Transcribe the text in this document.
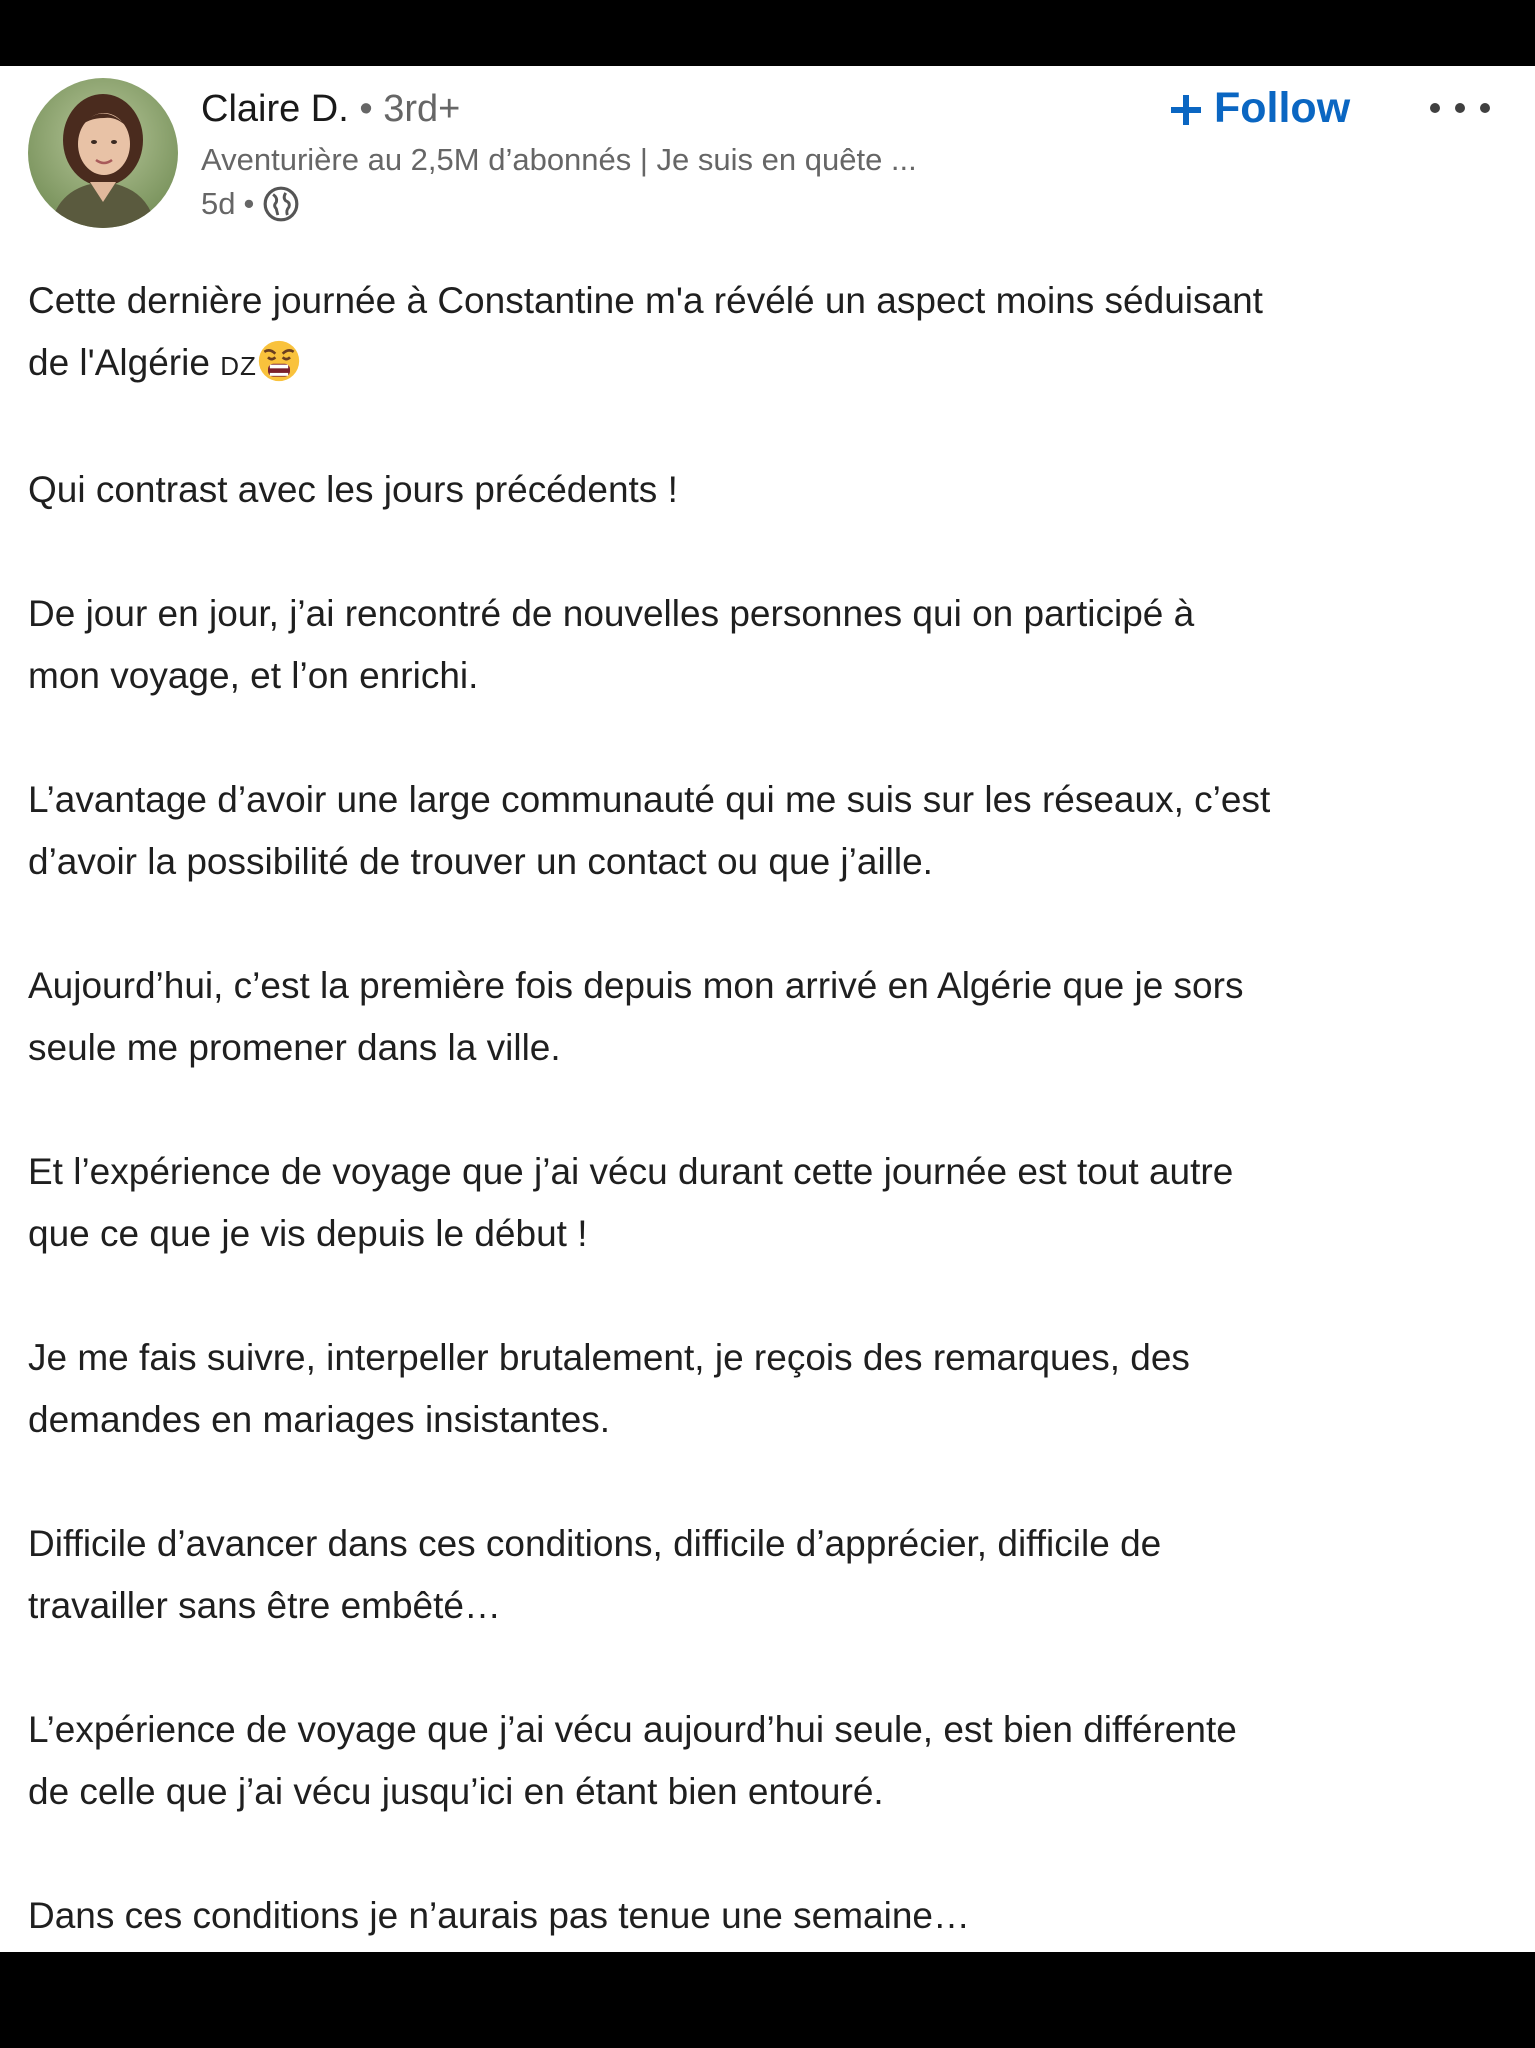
Claire D. • 3rd+
Aventurière au 2,5M d’abonnés | Je suis en quête ...
5d •
Follow

Cette dernière journée à Constantine m'a révélé un aspect moins séduisant
de l'Algérie DZ

Qui contrast avec les jours précédents !

De jour en jour, j’ai rencontré de nouvelles personnes qui on participé à
mon voyage, et l’on enrichi.

L’avantage d’avoir une large communauté qui me suis sur les réseaux, c’est
d’avoir la possibilité de trouver un contact ou que j’aille.

Aujourd’hui, c’est la première fois depuis mon arrivé en Algérie que je sors
seule me promener dans la ville.

Et l’expérience de voyage que j’ai vécu durant cette journée est tout autre
que ce que je vis depuis le début !

Je me fais suivre, interpeller brutalement, je reçois des remarques, des
demandes en mariages insistantes.

Difficile d’avancer dans ces conditions, difficile d’apprécier, difficile de
travailler sans être embêté…

L’expérience de voyage que j’ai vécu aujourd’hui seule, est bien différente
de celle que j’ai vécu jusqu’ici en étant bien entouré.

Dans ces conditions je n’aurais pas tenue une semaine…
